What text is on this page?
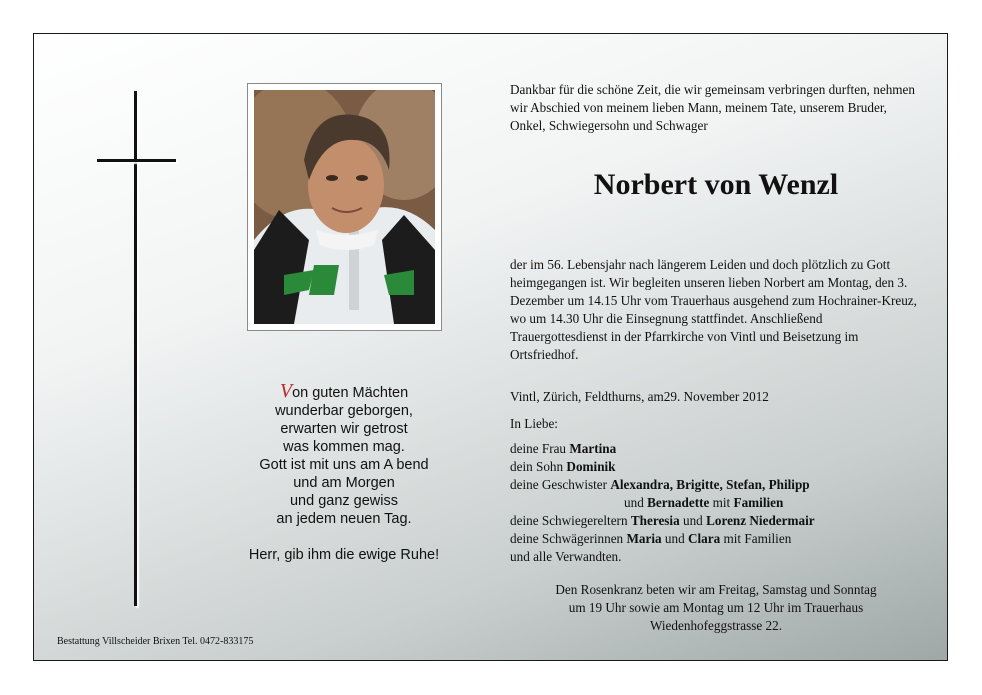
Von guten Mächten
wunderbar geborgen,
erwarten wir getrost
was kommen mag.
Gott ist mit uns am A bend
und am Morgen
und ganz gewiss
an jedem neuen Tag.
Herr, gib ihm die ewige Ruhe!
Bestattung Villscheider Brixen Tel. 0472-833175
Dankbar für die schöne Zeit, die wir gemeinsam verbringen durften, nehmen wir Abschied von meinem lieben Mann, meinem Tate, unserem Bruder, Onkel, Schwiegersohn und Schwager
Norbert von Wenzl
der im 56. Lebensjahr nach längerem Leiden und doch plötzlich zu Gott heimgegangen ist. Wir begleiten unseren lieben Norbert am Montag, den 3. Dezember um 14.15 Uhr vom Trauerhaus ausgehend zum Hochrainer-Kreuz, wo um 14.30 Uhr die Einsegnung stattfindet. Anschließend Trauergottesdienst in der Pfarrkirche von Vintl und Beisetzung im Ortsfriedhof.
Vintl, Zürich, Feldthurns, am29. November 2012
In Liebe:
deine Frau Martina
dein Sohn Dominik
deine Geschwister Alexandra, Brigitte, Stefan, Philipp
und Bernadette mit Familien
deine Schwiegereltern Theresia und Lorenz Niedermair
deine Schwägerinnen Maria und Clara mit Familien
und alle Verwandten.
Den Rosenkranz beten wir am Freitag, Samstag und Sonntag
um 19 Uhr sowie am Montag um 12 Uhr im Trauerhaus
Wiedenhofeggstrasse 22.
